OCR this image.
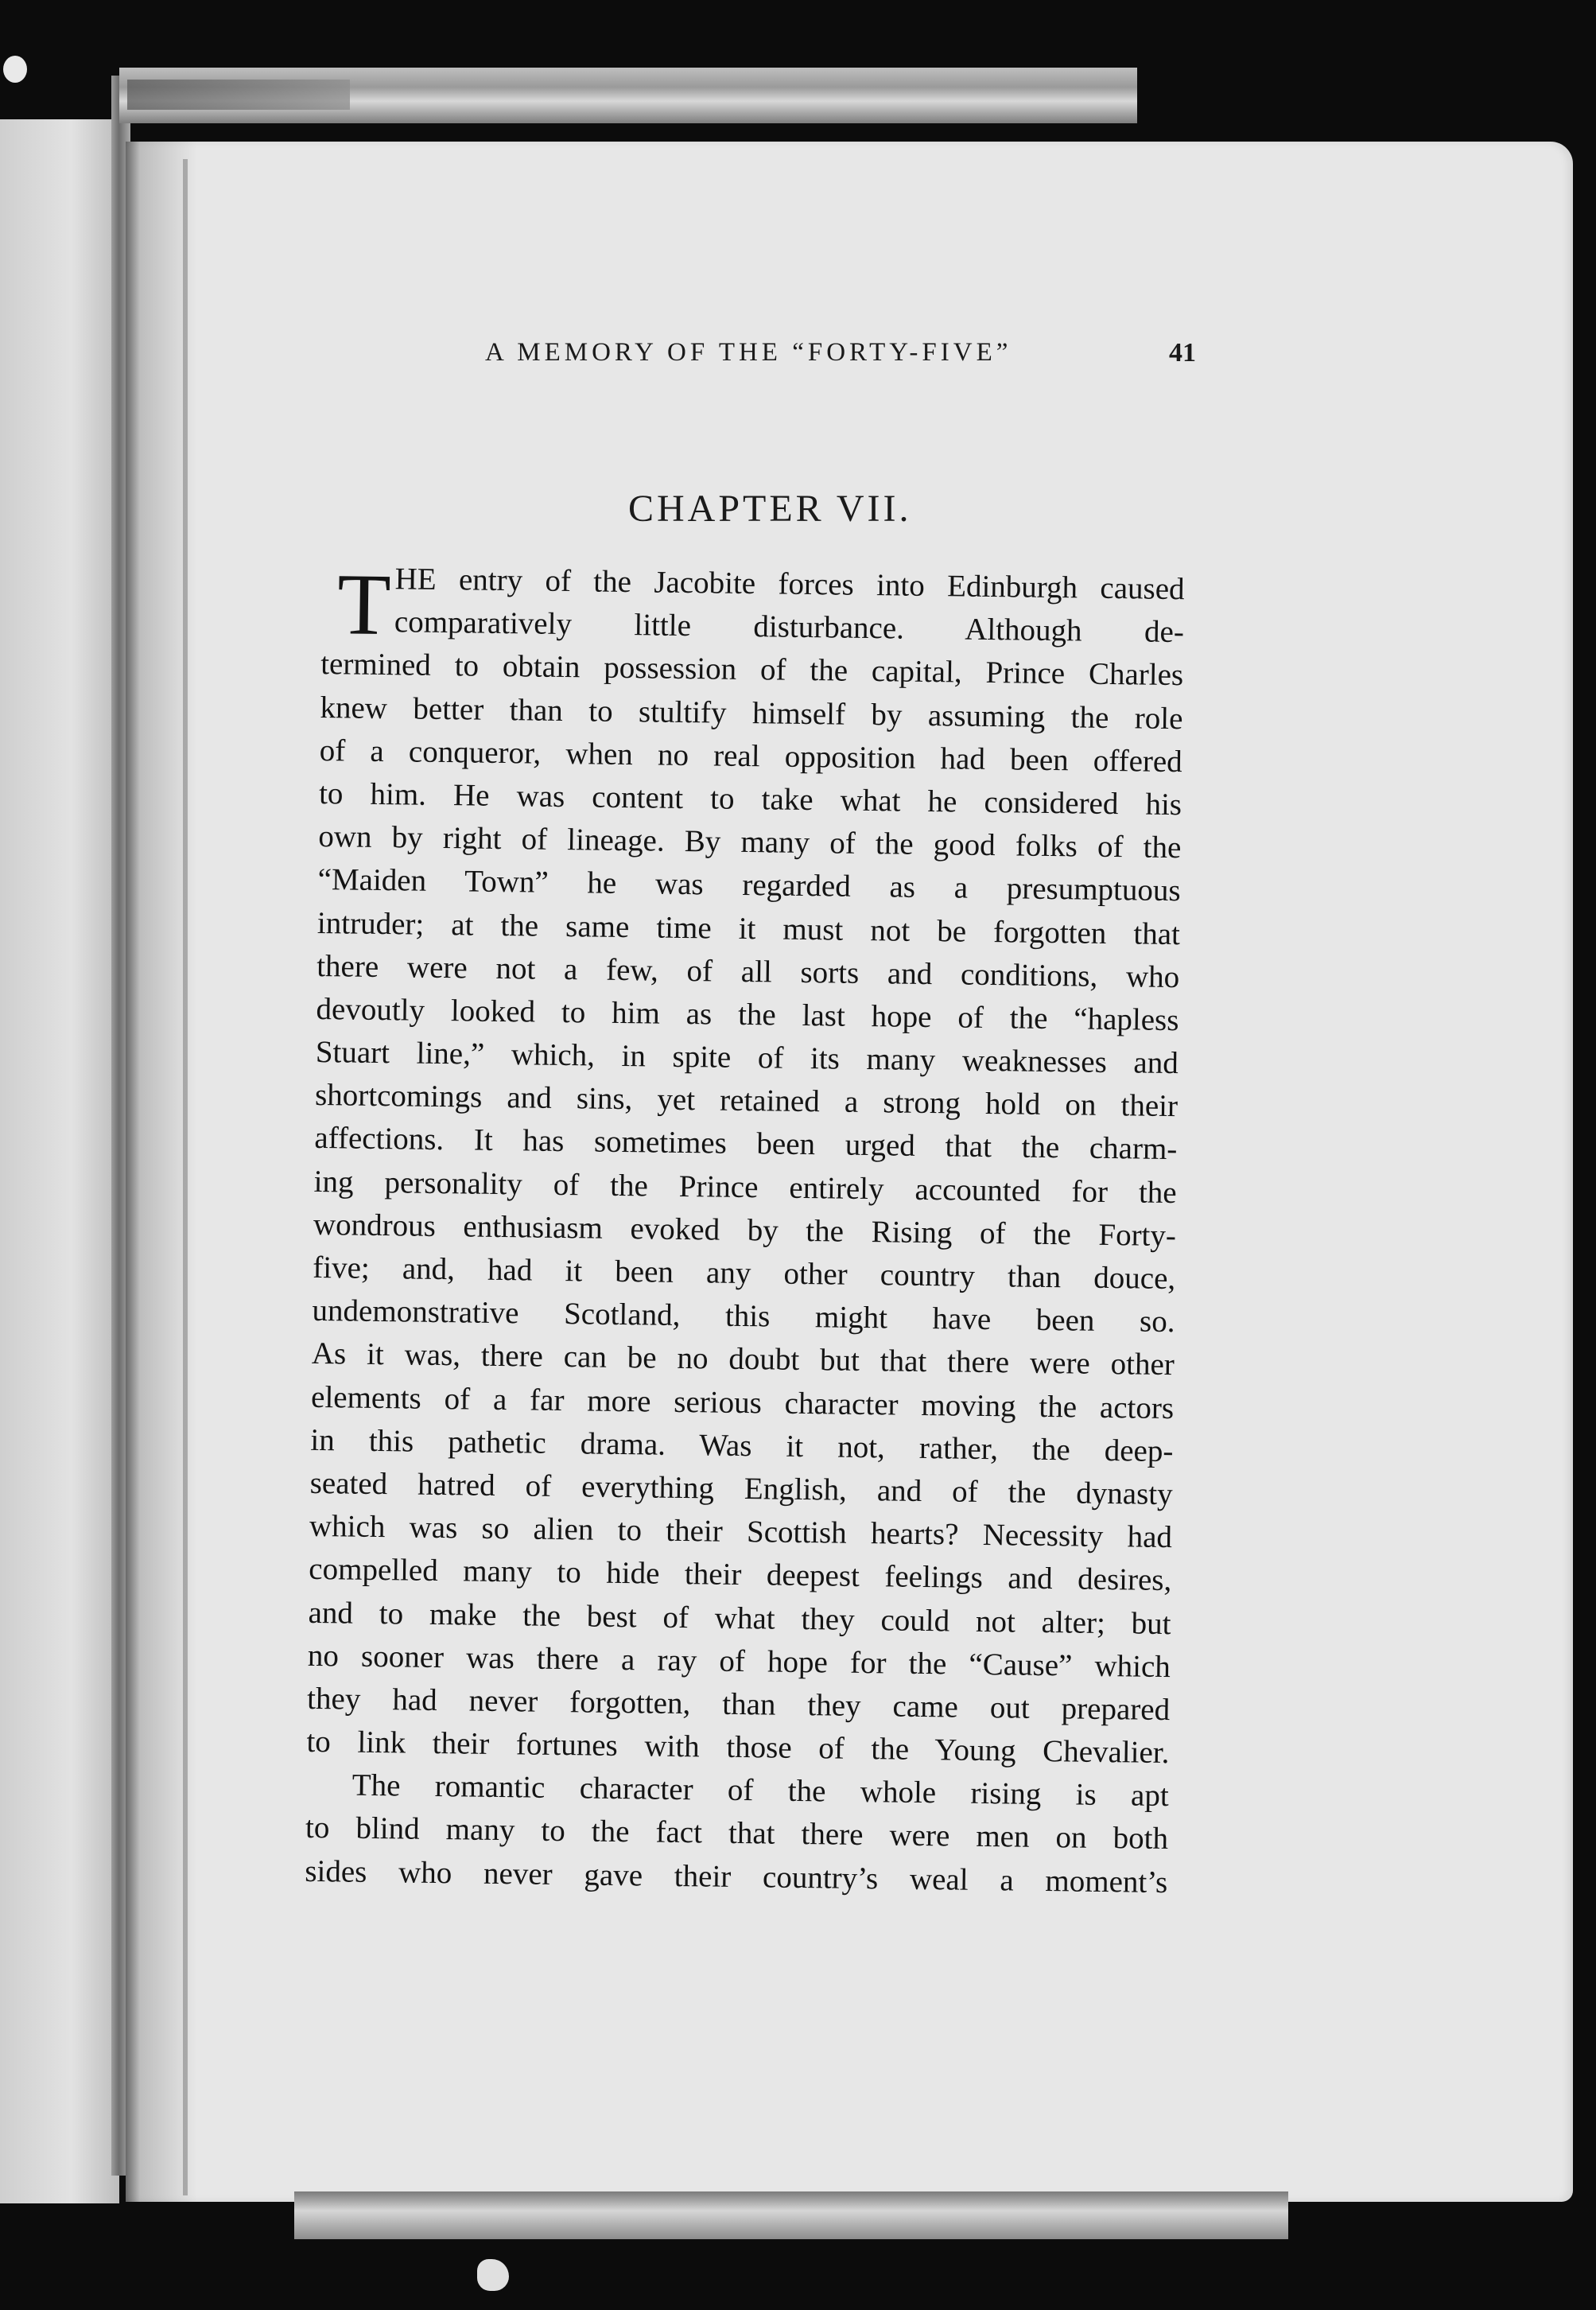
A MEMORY OF THE “FORTY-FIVE”	41
CHAPTER VII.
T HE entry of the Jacobite forces into Edinburgh caused
comparatively little disturbance. Although de-
termined to obtain possession of the capital, Prince Charles
knew better than to stultify himself by assuming the role
of a conqueror, when no real opposition had been offered
to him. He was content to take what he considered his
own by right of lineage. By many of the good folks of the
“Maiden Town” he was regarded as a presumptuous
intruder; at the same time it must not be forgotten that
there were not a few, of all sorts and conditions, who
devoutly looked to him as the last hope of the “hapless
Stuart line,” which, in spite of its many weaknesses and
shortcomings and sins, yet retained a strong hold on their
affections. It has sometimes been urged that the charm-
ing personality of the Prince entirely accounted for the
wondrous enthusiasm evoked by the Rising of the Forty-
five; and, had it been any other country than douce,
undemonstrative Scotland, this might have been so.
As it was, there can be no doubt but that there were other
elements of a far more serious character moving the actors
in this pathetic drama. Was it not, rather, the deep-
seated hatred of everything English, and of the dynasty
which was so alien to their Scottish hearts? Necessity had
compelled many to hide their deepest feelings and desires,
and to make the best of what they could not alter; but
no sooner was there a ray of hope for the “Cause” which
they had never forgotten, than they came out prepared
to link their fortunes with those of the Young Chevalier.
The romantic character of the whole rising is apt
to blind many to the fact that there were men on both
sides who never gave their country’s weal a moment’s
